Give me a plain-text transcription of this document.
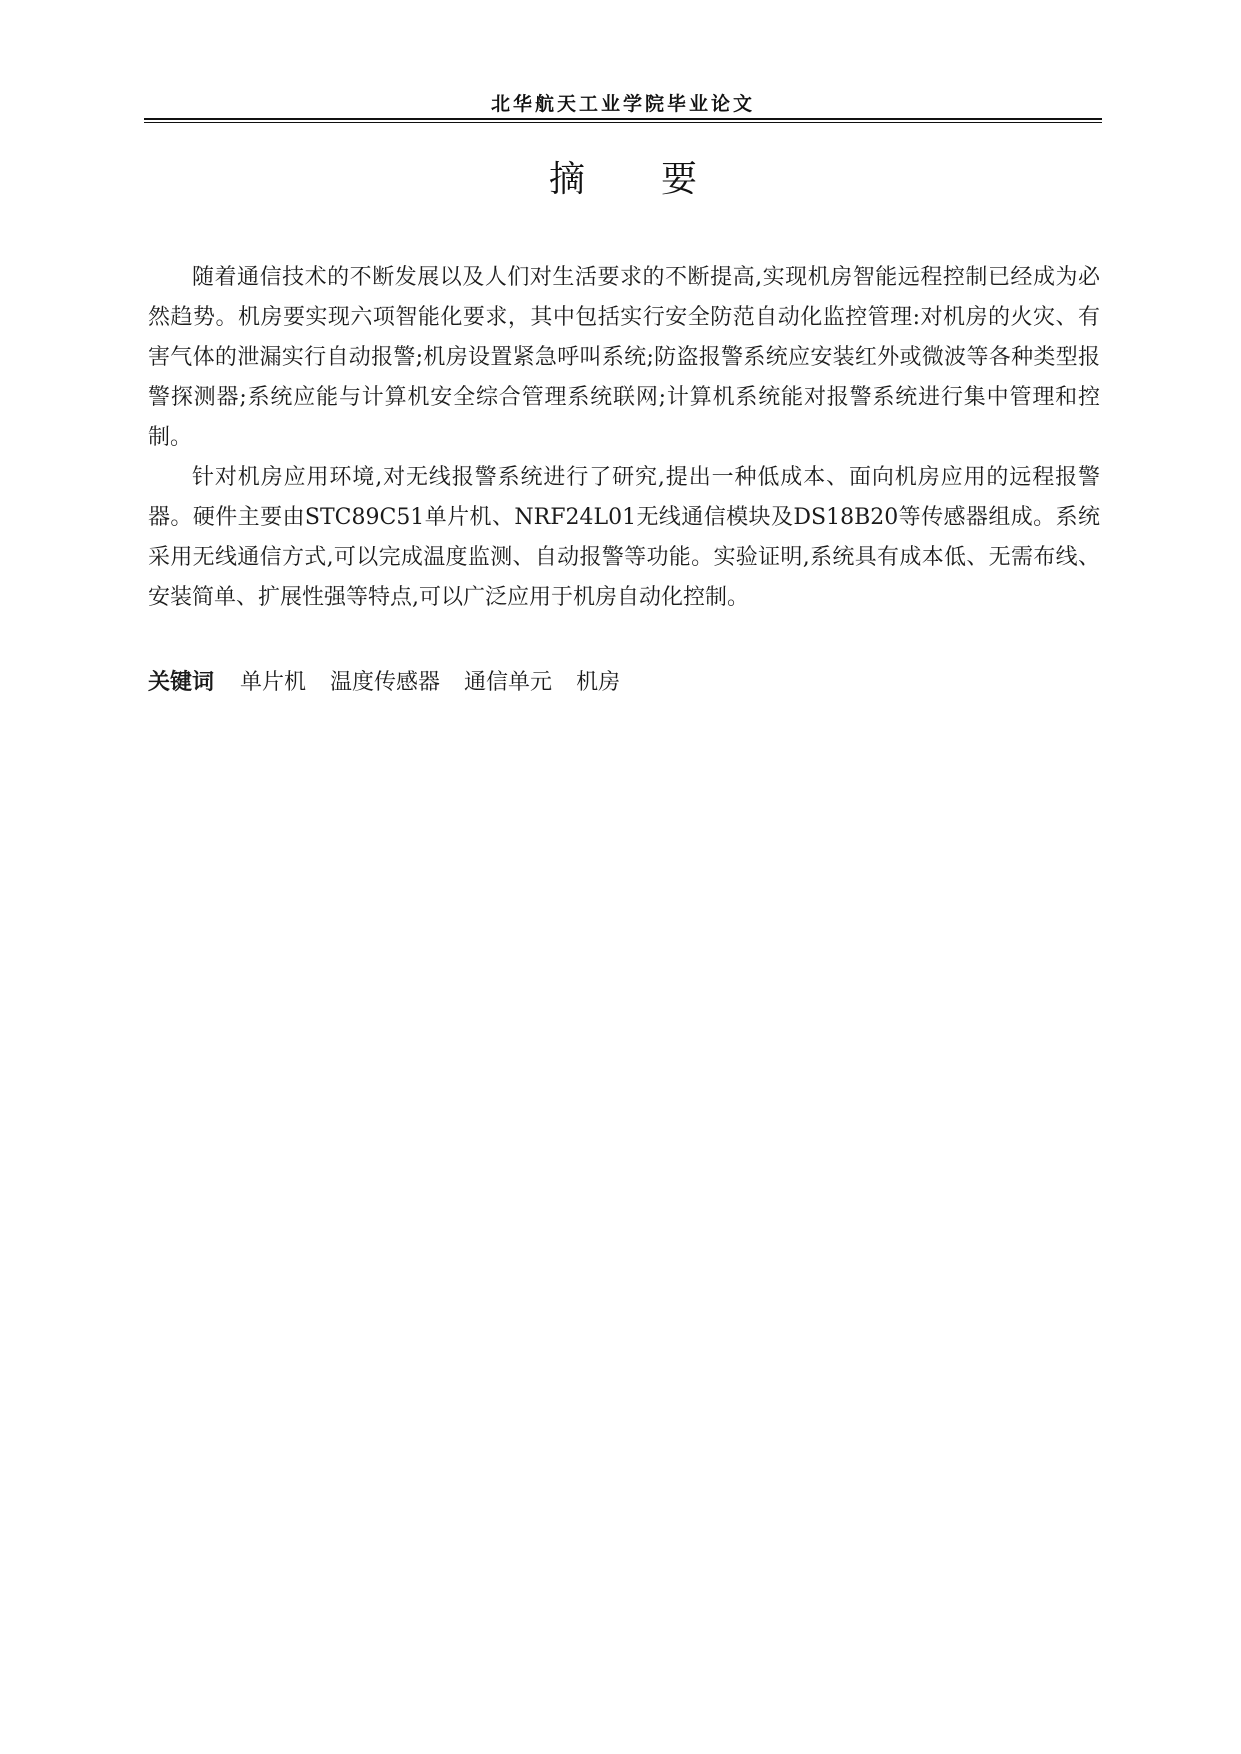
北华航天工业学院毕业论文
摘要

随着通信技术的不断发展以及人们对生活要求的不断提高,实现机房智能远程控制已经成为必然趋势。机房要实现六项智能化要求，其中包括实行安全防范自动化监控管理:对机房的火灾、有害气体的泄漏实行自动报警;机房设置紧急呼叫系统;防盗报警系统应安装红外或微波等各种类型报警探测器;系统应能与计算机安全综合管理系统联网;计算机系统能对报警系统进行集中管理和控制。

针对机房应用环境,对无线报警系统进行了研究,提出一种低成本、面向机房应用的远程报警器。硬件主要由STC89C51单片机、NRF24L01无线通信模块及DS18B20等传感器组成。系统采用无线通信方式,可以完成温度监测、自动报警等功能。实验证明,系统具有成本低、无需布线、安装简单、扩展性强等特点,可以广泛应用于机房自动化控制。

关键词 单片机 温度传感器 通信单元 机房
